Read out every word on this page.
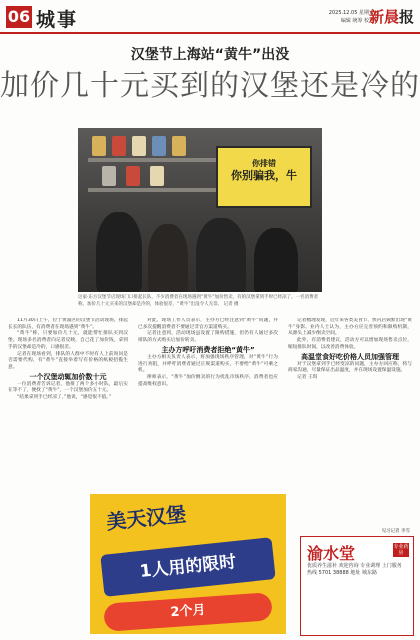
06 城事	2025.12.05 星期五
编辑 统筹 校对
新晨报
汉堡节上海站“黄牛”出没
加价几十元买到的汉堡还是冷的
你排错
你别骗我，牛
这家·东方汉堡节店现场门口排起长队，不少消费者在现场遇到“黄牛”加价售卖，有的汉堡拿到手时已经凉了。一名消费者称，加价几十元买来的汉堡却是冷的，体验很差，“黄牛”出没令人无奈。 记者 摄

11月30日上午，位于黄浦区的汉堡节活动现场，排起长长的队伍，有消费者在现场遇到“黄牛”。

“黄牛”称，只要加价几十元，就能帮忙排队买到汉堡。现场多名消费者向记者反映，自己花了加价钱，拿到手的汉堡却是冷的，口感很差。

记者在现场看到，排队的人群中不时有人上前询问是否需要代购，有“黄牛”直接举着写有价格的纸板招揽生意。

一个汉堡动辄加价数十元

一位消费者告诉记者，他排了两个多小时队，最后实在等不了，便找了“黄牛”，一个汉堡加价五十元。

“结果拿到手已经凉了，”他说，“感觉很不值。”

对此，现场工作人员表示，主办方已经注意到“黄牛”问题，并已多次提醒消费者不要通过非官方渠道购买。

记者注意到，活动现场虽设置了限购措施，但仍有人通过多次排队的方式购买后加价转卖。

主办方呼吁消费者拒绝“黄牛”

主办方相关负责人表示，将加强现场秩序管理，对“黄牛”行为进行劝阻，并呼吁消费者通过正规渠道购买，不要给“黄牛”可乘之机。

律师表示，“黄牛”加价倒卖的行为扰乱市场秩序，消费者也应提高维权意识。

记者梳理发现，近年来各类美食节、快闪店频繁出现“黄牛”身影。业内人士认为，主办方应完善预约和限购机制，从源头上减少倒卖空间。

此外，有消费者建议，活动方可以增加现场售卖点位，缩短排队时间，以改善消费体验。

高温堂食好吃价格人员加强管理

对于汉堡拿到手已经变凉的问题，主办方回应称，将与商家沟通，尽量保证出品温度，并在现场设置保温设施。

记者 王琪

见习记者 李雪
美天汉堡
1人用的限时
2个月
渝水堂	专业药房
优质养生滋补 欢迎咨询 专业调理 上门服务 热线 5701 38888 地址 城东路
